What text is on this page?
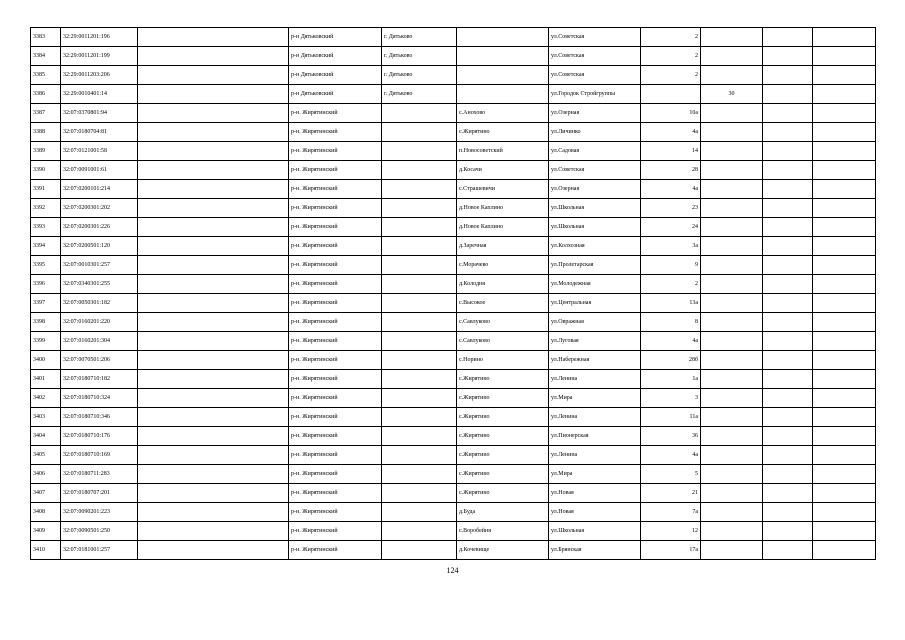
3383	32:29:0011201:196		р-н Дятьковский	г. Дятьково		ул.Советская	2			
3384	32:29:0011201:199		р-н Дятьковский	г. Дятьково		ул.Советская	2			
3385	32:29:0011203:206		р-н Дятьковский	г. Дятьково		ул.Советская	2			
3386	32:29:0010401:14		р-н Дятьковский	г. Дятьково		ул.Городок Стройгруппы		30		
3387	32:07:0370801:94		р-н. Жирятинский		с.Анохово	ул.Озерная	10а			
3388	32:07:0180704:81		р-н. Жирятинский		с.Жирятино	ул.Личинко	4а			
3389	32:07:0121001:58		р-н. Жирятинский		п.Новосоветский	ул.Садовая	14			
3390	32:07:0091001:61		р-н. Жирятинский		д.Косачи	ул.Советская	28			
3391	32:07:0200101:214		р-н. Жирятинский		с.Страшевичи	ул.Озерная	4а			
3392	32:07:0200301:202		р-н. Жирятинский		д.Новое Каплино	ул.Школьная	23			
3393	32:07:0200301:226		р-н. Жирятинский		д.Новое Каплино	ул.Школьная	24			
3394	32:07:0200501:120		р-н. Жирятинский		д.Заречная	ул.Колхозная	3а			
3395	32:07:0010301:257		р-н. Жирятинский		с.Морачево	ул.Пролетарская	9			
3396	32:07:0340301:255		р-н. Жирятинский		д.Колодня	ул.Молодежная	2			
3397	32:07:0050301:182		р-н. Жирятинский		с.Высокое	ул.Центральная	13а			
3398	32:07:0160201:220		р-н. Жирятинский		с.Савлуково	ул.Овражная	8			
3399	32:07:0160201:304		р-н. Жирятинский		с.Савлуково	ул.Луговая	4а			
3400	32:07:0070501:206		р-н. Жирятинский		с.Норино	ул.Набережная	28б			
3401	32:07:0180710:182		р-н. Жирятинский		с.Жирятино	ул.Ленина	1а			
3402	32:07:0180710:324		р-н. Жирятинский		с.Жирятино	ул.Мира	3			
3403	32:07:0180710:346		р-н. Жирятинский		с.Жирятино	ул.Ленина	11а			
3404	32:07:0180710:176		р-н. Жирятинский		с.Жирятино	ул.Пионерская	36			
3405	32:07:0180710:169		р-н. Жирятинский		с.Жирятино	ул.Ленина	4а			
3406	32:07:0180711:283		р-н. Жирятинский		с.Жирятино	ул.Мира	5			
3407	32:07:0180707:201		р-н. Жирятинский		с.Жирятино	ул.Новая	21			
3408	32:07:0090201:223		р-н. Жирятинский		д.Буда	ул.Новая	7а			
3409	32:07:0090501:250		р-н. Жирятинский		с.Воробейня	ул.Школьная	12			
3410	32:07:0181001:257		р-н. Жирятинский		д.Кочевище	ул.Брянская	17а			
124
